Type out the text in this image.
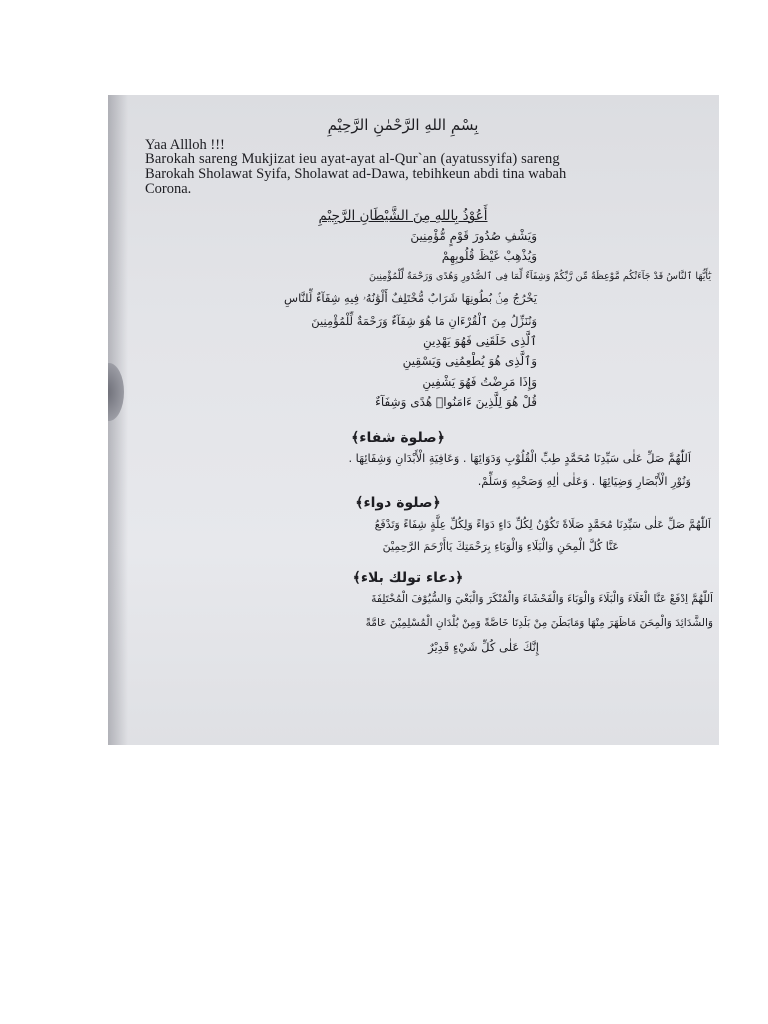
بِسْمِ اللهِ الرَّحْمٰنِ الرَّحِيْمِ
Yaa Allloh !!!
Barokah sareng Mukjizat ieu ayat-ayat al-Qur`an (ayatussyifa) sareng
Barokah Sholawat Syifa, Sholawat ad-Dawa, tebihkeun abdi tina wabah
Corona.
أَعُوْذُ بِاللهِ مِنَ الشَّيْطَانِ الرَّجِيْمِ
وَيَشْفِ صُدُورَ قَوْمٍ مُّؤْمِنِينَ
وَيُذْهِبْ غَيْظَ قُلُوبِهِمْ
يَٰٓأَيُّهَا ٱلنَّاسُ قَدْ جَآءَتْكُم مَّوْعِظَةٌ مِّن رَّبِّكُمْ وَشِفَآءٌ لِّمَا فِى ٱلصُّدُورِ وَهُدًى وَرَحْمَةٌ لِّلْمُؤْمِنِينَ
يَخْرُجُ مِنۢ بُطُونِهَا شَرَابٌ مُّخْتَلِفٌ أَلْوَٰنُهُۥ فِيهِ شِفَآءٌ لِّلنَّاسِ
وَنُنَزِّلُ مِنَ ٱلْقُرْءَانِ مَا هُوَ شِفَآءٌ وَرَحْمَةٌ لِّلْمُؤْمِنِينَ
ٱلَّذِى خَلَقَنِى فَهُوَ يَهْدِينِ
وَٱلَّذِى هُوَ يُطْعِمُنِى وَيَسْقِينِ
وَإِذَا مَرِضْتُ فَهُوَ يَشْفِينِ
قُلْ هُوَ لِلَّذِينَ ءَامَنُوا۟ هُدًى وَشِفَآءٌ
﴿صلوة شفاء﴾
اَللّٰهُمَّ صَلِّ عَلٰى سَيِّدِنَا مُحَمَّدٍ طِبِّ الْقُلُوْبِ وَدَوَائِهَا . وَعَافِيَةِ الْأَبْدَانِ وَشِفَائِهَا .
وَنُوْرِ الْأَبْصَارِ وَضِيَائِهَا . وَعَلٰى اٰلِهِ وَصَحْبِهِ وَسَلِّمْ.
﴿صلوة دواء﴾
اَللّٰهُمَّ صَلِّ عَلٰى سَيِّدِنَا مُحَمَّدٍ صَلَاةً تَكُوْنُ لِكُلِّ دَاءٍ دَوَاءً وَلِكُلِّ عِلَّةٍ شِفَاءً وَتَدْفَعُ
عَنَّا كُلَّ الْمِحَنِ وَالْبَلَاءِ وَالْوَبَاءِ بِرَحْمَتِكَ يَاأَرْحَمَ الرَّحِمِيْنَ
﴿دعاء تولك بلاء﴾
اَللّٰهُمَّ اِدْفَعْ عَنَّا الْغَلَاءَ وَالْبَلَاءَ وَالْوَبَاءَ وَالْفَحْشَاءَ وَالْمُنْكَرَ وَالْبَغْيَ وَالسُّيُوْفَ الْمُخْتَلِفَةَ
وَالشَّدَائِدَ وَالْمِحَنَ مَاظَهَرَ مِنْهَا وَمَابَطَنَ مِنْ بَلَدِنَا خَاصَّةً وَمِنْ بُلْدَانِ الْمُسْلِمِيْنَ عَامَّةً
إِنَّكَ عَلٰى كُلِّ شَيْءٍ قَدِيْرٌ
